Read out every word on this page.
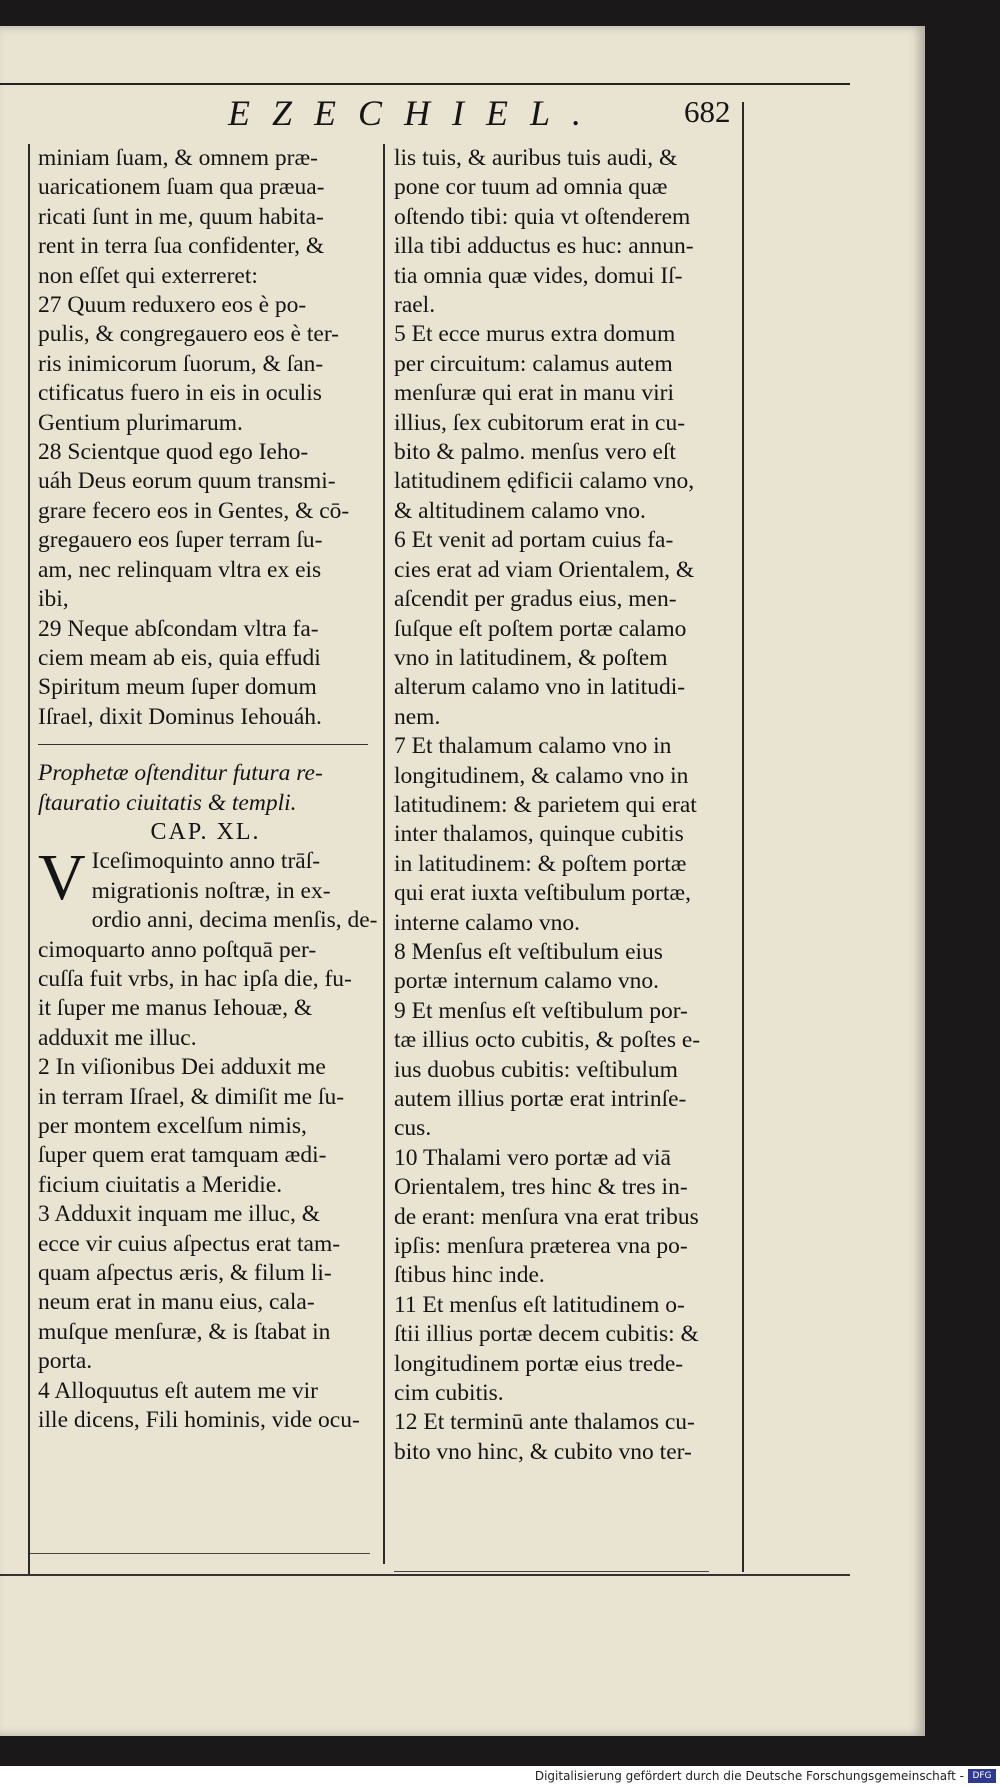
EZECHIEL.	682

miniam ſuam, & omnem præ-

uaricationem ſuam qua præua-

ricati ſunt in me, quum habita-

rent in terra ſua confidenter, &

non eſſet qui exterreret:

27 Quum reduxero eos è po-

pulis, & congregauero eos è ter-

ris inimicorum ſuorum, & ſan-

ctificatus fuero in eis in oculis

Gentium plurimarum.

28 Scientque quod ego Ieho-

uáh Deus eorum quum transmi-

grare fecero eos in Gentes, & cō-

gregauero eos ſuper terram ſu-

am, nec relinquam vltra ex eis

ibi,

29 Neque abſcondam vltra fa-

ciem meam ab eis, quia effudi

Spiritum meum ſuper domum

Iſrael, dixit Dominus Iehouáh.

Prophetæ oſtenditur futura re-

ſtauratio ciuitatis & templi.

CAP. XL.

V Iceſimoquinto anno trāſ-

migrationis noſtræ, in ex-

ordio anni, decima menſis, de-

cimoquarto anno poſtquā per-

cuſſa fuit vrbs, in hac ipſa die, fu-

it ſuper me manus Iehouæ, &

adduxit me illuc.

2 In viſionibus Dei adduxit me

in terram Iſrael, & dimiſit me ſu-

per montem excelſum nimis,

ſuper quem erat tamquam ædi-

ficium ciuitatis a Meridie.

3 Adduxit inquam me illuc, &

ecce vir cuius aſpectus erat tam-

quam aſpectus æris, & filum li-

neum erat in manu eius, cala-

muſque menſuræ, & is ſtabat in

porta.

4 Alloquutus eſt autem me vir

ille dicens, Fili hominis, vide ocu-

lis tuis, & auribus tuis audi, &

pone cor tuum ad omnia quæ

oſtendo tibi: quia vt oſtenderem

illa tibi adductus es huc: annun-

tia omnia quæ vides, domui Iſ-

rael.

5 Et ecce murus extra domum

per circuitum: calamus autem

menſuræ qui erat in manu viri

illius, ſex cubitorum erat in cu-

bito & palmo. menſus vero eſt

latitudinem ędificii calamo vno,

& altitudinem calamo vno.

6 Et venit ad portam cuius fa-

cies erat ad viam Orientalem, &

aſcendit per gradus eius, men-

ſuſque eſt poſtem portæ calamo

vno in latitudinem, & poſtem

alterum calamo vno in latitudi-

nem.

7 Et thalamum calamo vno in

longitudinem, & calamo vno in

latitudinem: & parietem qui erat

inter thalamos, quinque cubitis

in latitudinem: & poſtem portæ

qui erat iuxta veſtibulum portæ,

interne calamo vno.

8 Menſus eſt veſtibulum eius

portæ internum calamo vno.

9 Et menſus eſt veſtibulum por-

tæ illius octo cubitis, & poſtes e-

ius duobus cubitis: veſtibulum

autem illius portæ erat intrinſe-

cus.

10 Thalami vero portæ ad viā

Orientalem, tres hinc & tres in-

de erant: menſura vna erat tribus

ipſis: menſura præterea vna po-

ſtibus hinc inde.

11 Et menſus eſt latitudinem o-

ſtii illius portæ decem cubitis: &

longitudinem portæ eius trede-

cim cubitis.

12 Et terminū ante thalamos cu-

bito vno hinc, & cubito vno ter-

Digitalisierung gefördert durch die Deutsche Forschungsgemeinschaft - DFG
